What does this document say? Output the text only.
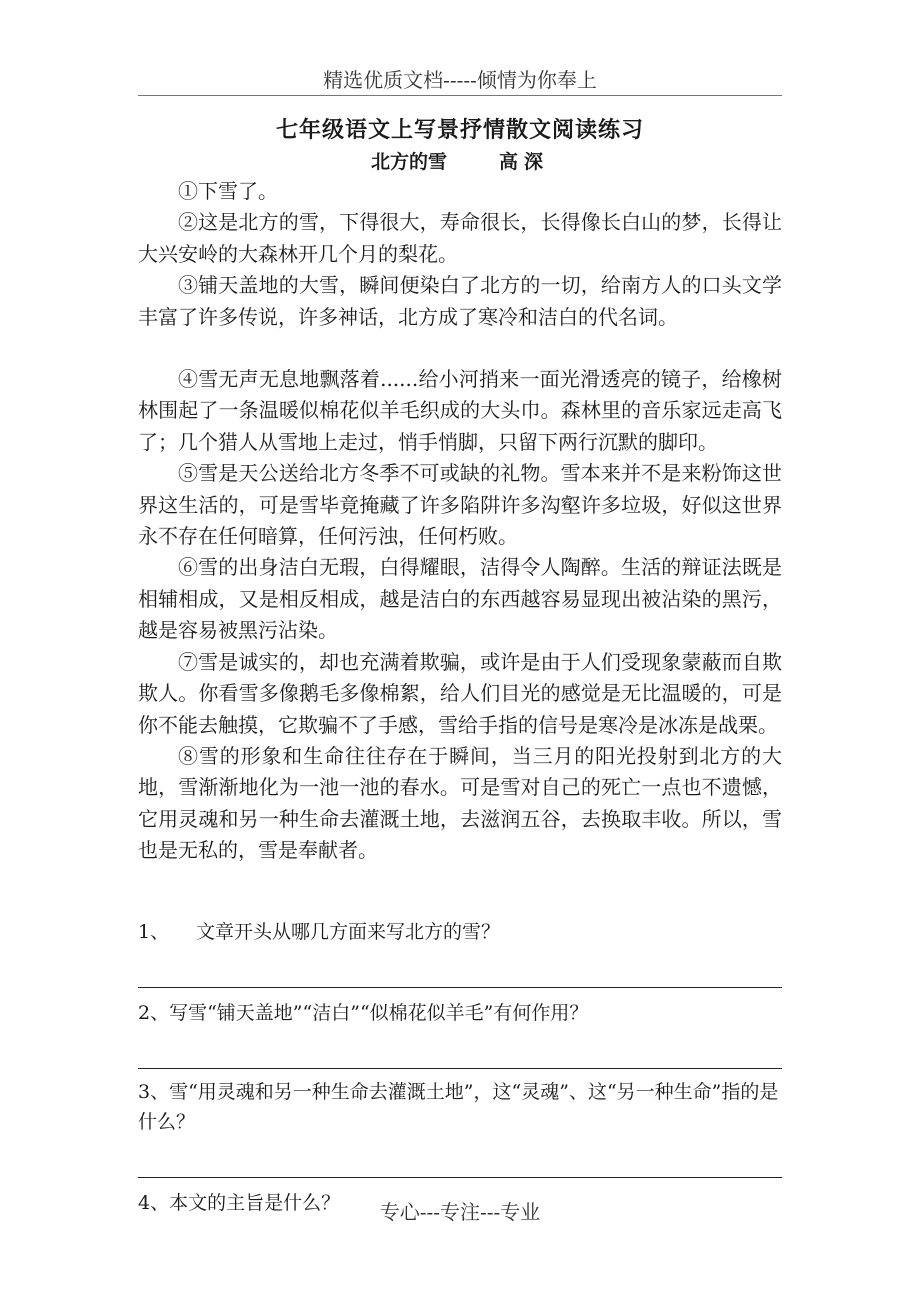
精选优质文档-----倾情为你奉上
七年级语文上写景抒情散文阅读练习
北方的雪	高深

①下雪了。

②这是北方的雪，下得很大，寿命很长，长得像长白山的梦，长得让大兴安岭的大森林开几个月的梨花。

③铺天盖地的大雪，瞬间便染白了北方的一切，给南方人的口头文学丰富了许多传说，许多神话，北方成了寒冷和洁白的代名词。

④雪无声无息地飘落着......给小河捎来一面光滑透亮的镜子，给橡树林围起了一条温暖似棉花似羊毛织成的大头巾。森林里的音乐家远走高飞了；几个猎人从雪地上走过，悄手悄脚，只留下两行沉默的脚印。

⑤雪是天公送给北方冬季不可或缺的礼物。雪本来并不是来粉饰这世界这生活的，可是雪毕竟掩藏了许多陷阱许多沟壑许多垃圾，好似这世界永不存在任何暗算，任何污浊，任何朽败。

⑥雪的出身洁白无瑕，白得耀眼，洁得令人陶醉。生活的辩证法既是相辅相成，又是相反相成，越是洁白的东西越容易显现出被沾染的黑污，越是容易被黑污沾染。

⑦雪是诚实的，却也充满着欺骗，或许是由于人们受现象蒙蔽而自欺欺人。你看雪多像鹅毛多像棉絮，给人们目光的感觉是无比温暖的，可是你不能去触摸，它欺骗不了手感，雪给手指的信号是寒冷是冰冻是战栗。

⑧雪的形象和生命往往存在于瞬间，当三月的阳光投射到北方的大地，雪渐渐地化为一池一池的春水。可是雪对自己的死亡一点也不遗憾，它用灵魂和另一种生命去灌溉土地，去滋润五谷，去换取丰收。所以，雪也是无私的，雪是奉献者。

1、 文章开头从哪几方面来写北方的雪？
2、写雪“铺天盖地”“洁白”“似棉花似羊毛”有何作用？
3、雪“用灵魂和另一种生命去灌溉土地”，这“灵魂”、这“另一种生命”指的是什么？
4、本文的主旨是什么？	专心---专注---专业
